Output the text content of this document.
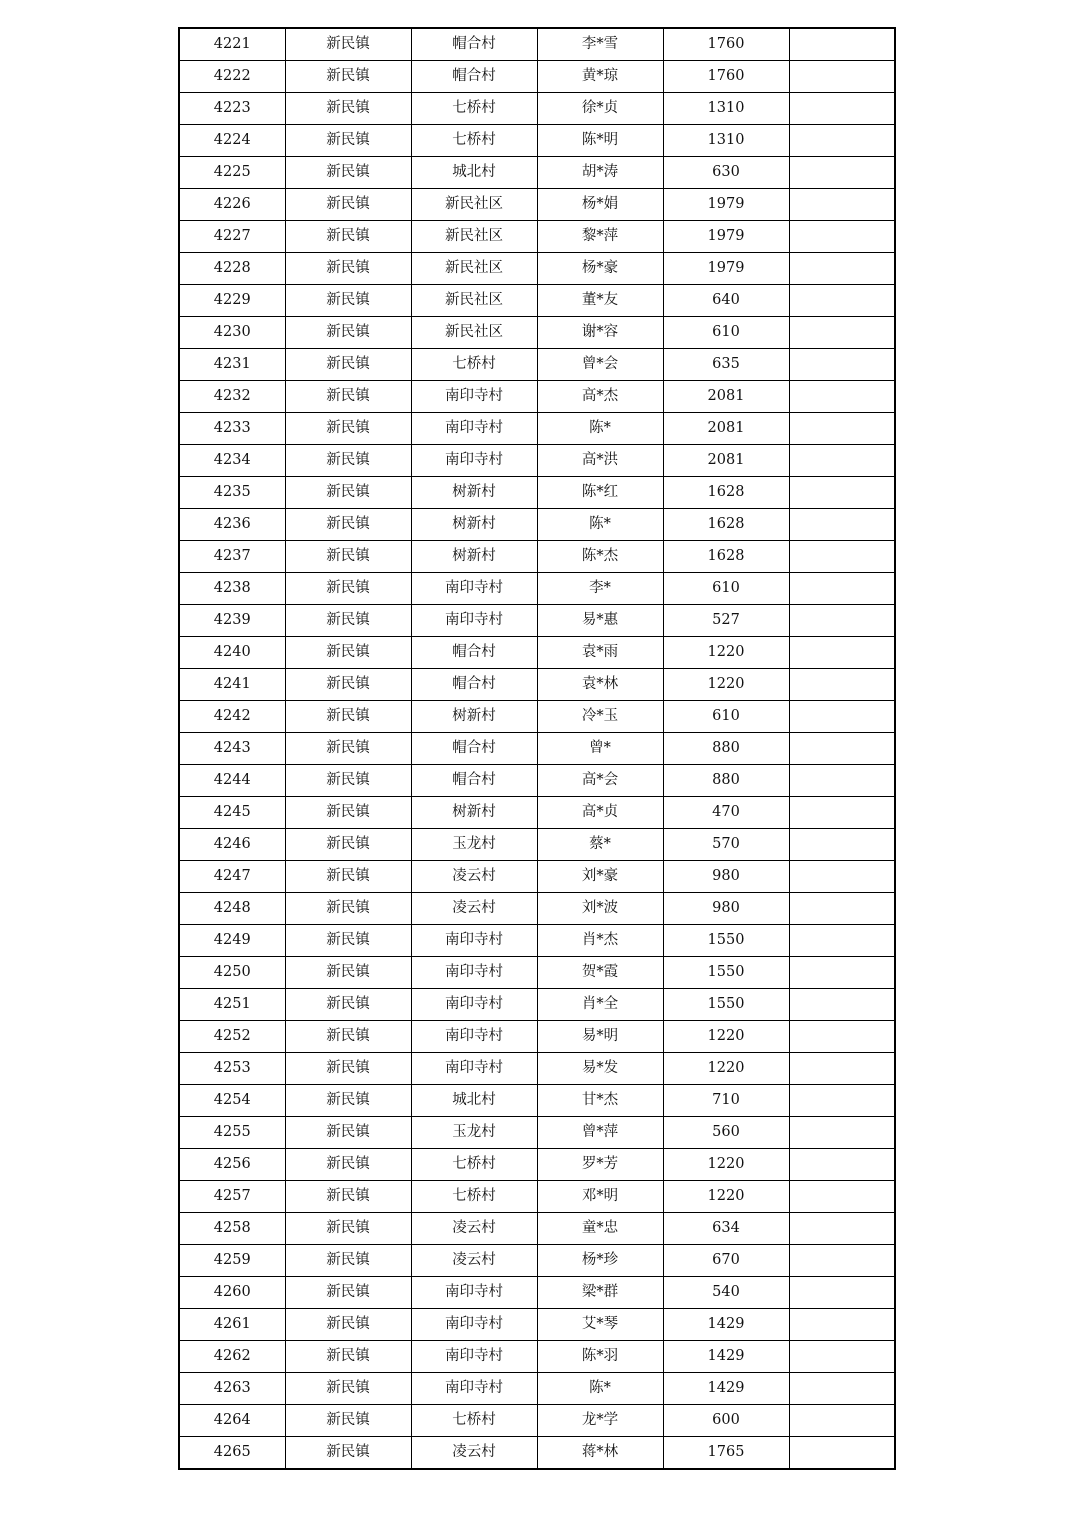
4221	新民镇	帽合村	李*雪	1760	
4222	新民镇	帽合村	黄*琼	1760	
4223	新民镇	七桥村	徐*贞	1310	
4224	新民镇	七桥村	陈*明	1310	
4225	新民镇	城北村	胡*涛	630	
4226	新民镇	新民社区	杨*娟	1979	
4227	新民镇	新民社区	黎*萍	1979	
4228	新民镇	新民社区	杨*豪	1979	
4229	新民镇	新民社区	董*友	640	
4230	新民镇	新民社区	谢*容	610	
4231	新民镇	七桥村	曾*会	635	
4232	新民镇	南印寺村	高*杰	2081	
4233	新民镇	南印寺村	陈*	2081	
4234	新民镇	南印寺村	高*洪	2081	
4235	新民镇	树新村	陈*红	1628	
4236	新民镇	树新村	陈*	1628	
4237	新民镇	树新村	陈*杰	1628	
4238	新民镇	南印寺村	李*	610	
4239	新民镇	南印寺村	易*惠	527	
4240	新民镇	帽合村	袁*雨	1220	
4241	新民镇	帽合村	袁*林	1220	
4242	新民镇	树新村	冷*玉	610	
4243	新民镇	帽合村	曾*	880	
4244	新民镇	帽合村	高*会	880	
4245	新民镇	树新村	高*贞	470	
4246	新民镇	玉龙村	蔡*	570	
4247	新民镇	凌云村	刘*豪	980	
4248	新民镇	凌云村	刘*波	980	
4249	新民镇	南印寺村	肖*杰	1550	
4250	新民镇	南印寺村	贺*霞	1550	
4251	新民镇	南印寺村	肖*全	1550	
4252	新民镇	南印寺村	易*明	1220	
4253	新民镇	南印寺村	易*发	1220	
4254	新民镇	城北村	甘*杰	710	
4255	新民镇	玉龙村	曾*萍	560	
4256	新民镇	七桥村	罗*芳	1220	
4257	新民镇	七桥村	邓*明	1220	
4258	新民镇	凌云村	童*忠	634	
4259	新民镇	凌云村	杨*珍	670	
4260	新民镇	南印寺村	梁*群	540	
4261	新民镇	南印寺村	艾*琴	1429	
4262	新民镇	南印寺村	陈*羽	1429	
4263	新民镇	南印寺村	陈*	1429	
4264	新民镇	七桥村	龙*学	600	
4265	新民镇	凌云村	蒋*林	1765	
